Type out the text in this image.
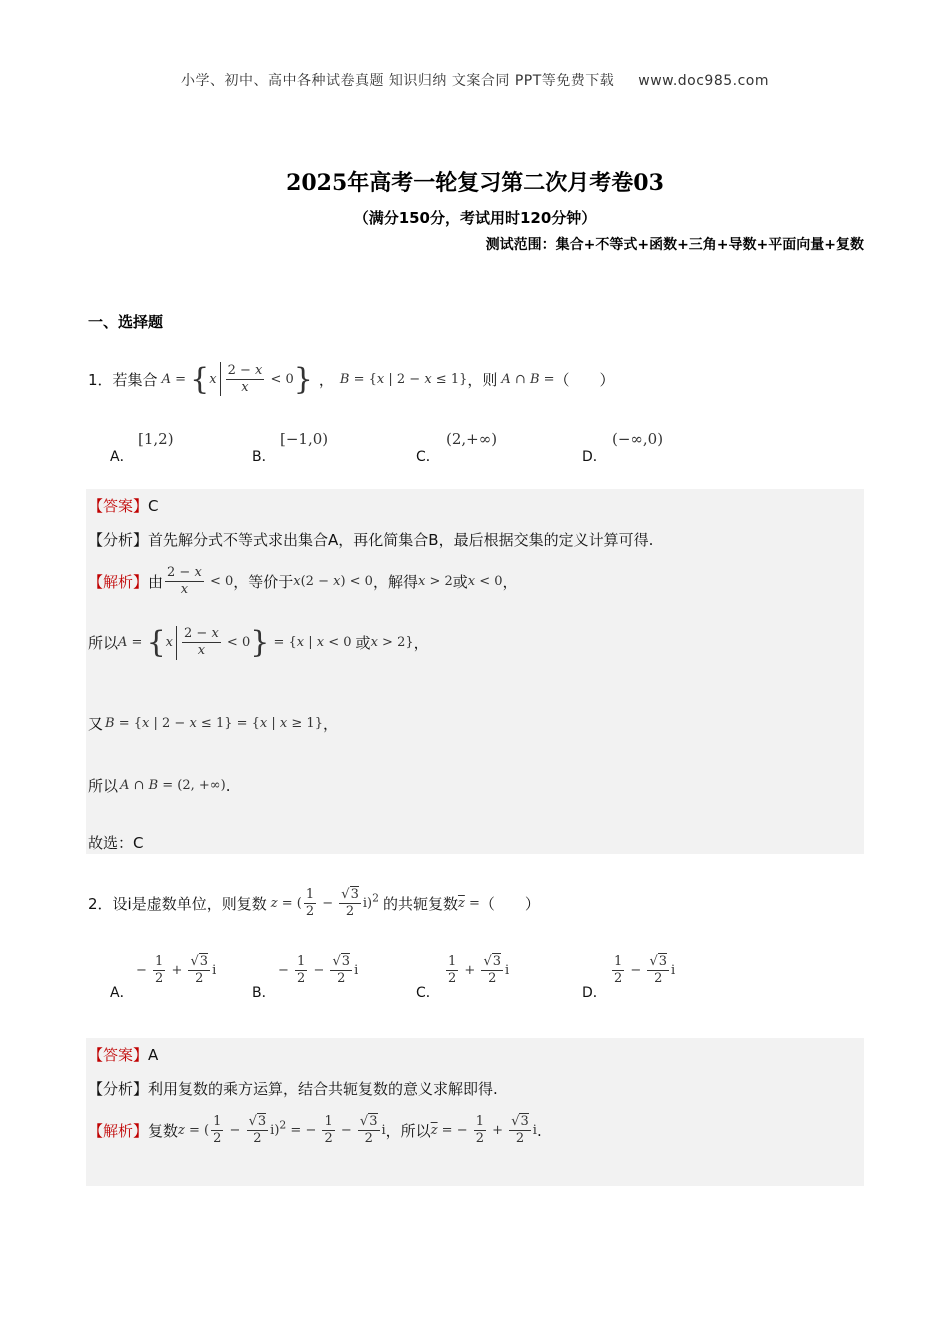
小学、初中、高中各种试卷真题 知识归纳 文案合同 PPT等免费下载 www.doc985.com
2025年高考一轮复习第二次月考卷03
（满分150分，考试用时120分钟）
测试范围：集合+不等式+函数+三角+导数+平面向量+复数
一、选择题
1． 若集合 $A = \{x \frac{2 - x}{x} < 0\}$ ， B = {x | 2 − x ≤ 1} ，则 A ∩ B = （　　）
A．
[1,2)
B．
[−1,0)
C．
(2,+∞)
D．
(−∞,0)
【答案】C
【分析】首先解分式不等式求出集合A，再化简集合B，最后根据交集的定义计算可得.
【解析】 由 $\frac{2 - x}{x} < 0$ ，等价于 x(2 − x) < 0 ，解得 x > 2 或 x < 0 ，
所以 $A = \{x \frac{2 - x}{x} < 0\} = \{x$ | x < 0 或 x > 2} ，
又 B = {x | 2 − x ≤ 1} = {x | x ≥ 1} ，
所以 A ∩ B = (2, +∞) .
故选：C
2． 设i是虚数单位，则复数 z = ( $\frac{1}{2} - \frac{√3}{2} i)^2$ 的共轭复数 $\overline{z}$ = （　　）
A．
− $\frac{1}{2} + \frac{√3}{2}$ i
B．
− $\frac{1}{2} - \frac{√3}{2}$ i
C．
$\frac{1}{2} + \frac{√3}{2}$ i
D．
$\frac{1}{2} - \frac{√3}{2}$ i
【答案】A
【分析】利用复数的乘方运算，结合共轭复数的意义求解即得.
【解析】 复数 z = ( $\frac{1}{2} - \frac{√3}{2} i)^2$ = − $\frac{1}{2} - \frac{√3}{2}$ i ，所以 $\overline{z}$ = − $\frac{1}{2} + \frac{√3}{2}$ i .
